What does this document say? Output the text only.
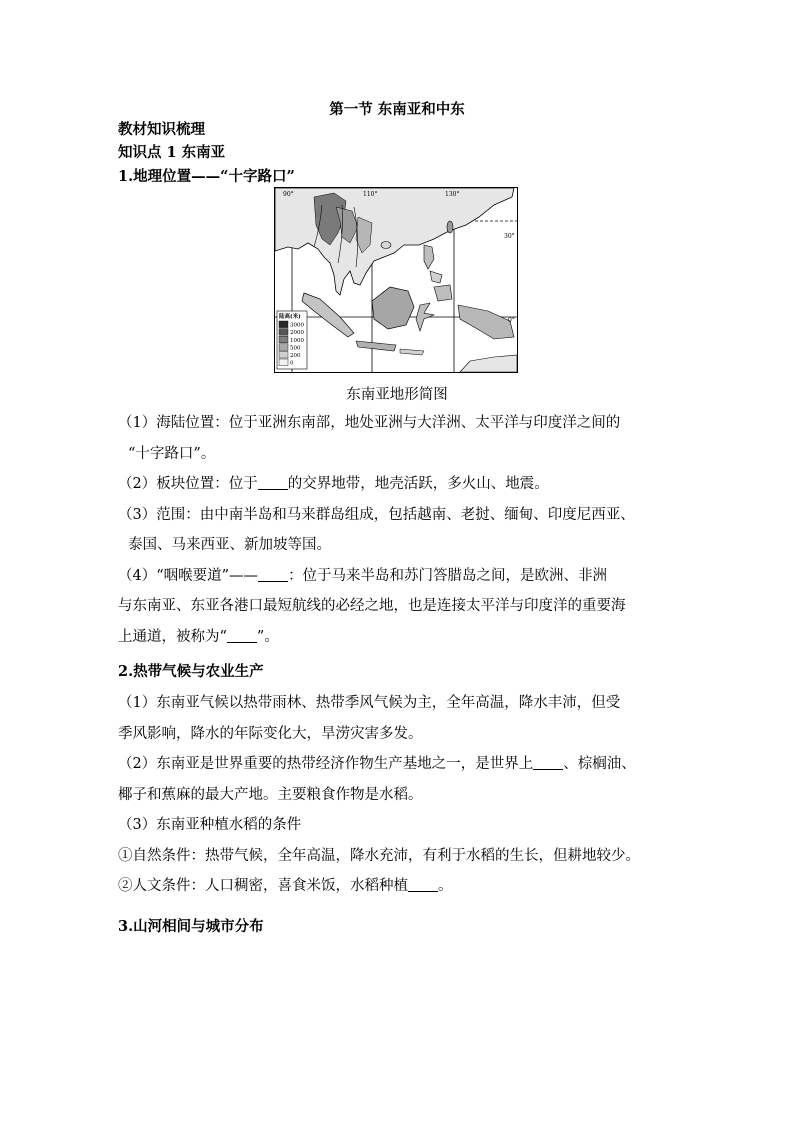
第一节 东南亚和中东
教材知识梳理
知识点 1 东南亚
1.地理位置——“十字路口”
90°	110°	130°
30°
0°
陆高(米)
3000
2000
1000
500
200
0
东南亚地形简图
（1）海陆位置：位于亚洲东南部，地处亚洲与大洋洲、太平洋与印度洋之间的
“十字路口”。
（2）板块位置：位于 的交界地带，地壳活跃，多火山、地震。
（3）范围：由中南半岛和马来群岛组成，包括越南、老挝、缅甸、印度尼西亚、
泰国、马来西亚、新加坡等国。
（4）“咽喉要道”—— ：位于马来半岛和苏门答腊岛之间，是欧洲、非洲
与东南亚、东亚各港口最短航线的必经之地，也是连接太平洋与印度洋的重要海
上通道，被称为“ ”。
2.热带气候与农业生产
（1）东南亚气候以热带雨林、热带季风气候为主，全年高温，降水丰沛，但受
季风影响，降水的年际变化大，旱涝灾害多发。
（2）东南亚是世界重要的热带经济作物生产基地之一，是世界上 、棕榈油、
椰子和蕉麻的最大产地。主要粮食作物是水稻。
（3）东南亚种植水稻的条件
①自然条件：热带气候，全年高温，降水充沛，有利于水稻的生长，但耕地较少。
②人文条件：人口稠密，喜食米饭，水稻种植 。
3.山河相间与城市分布
